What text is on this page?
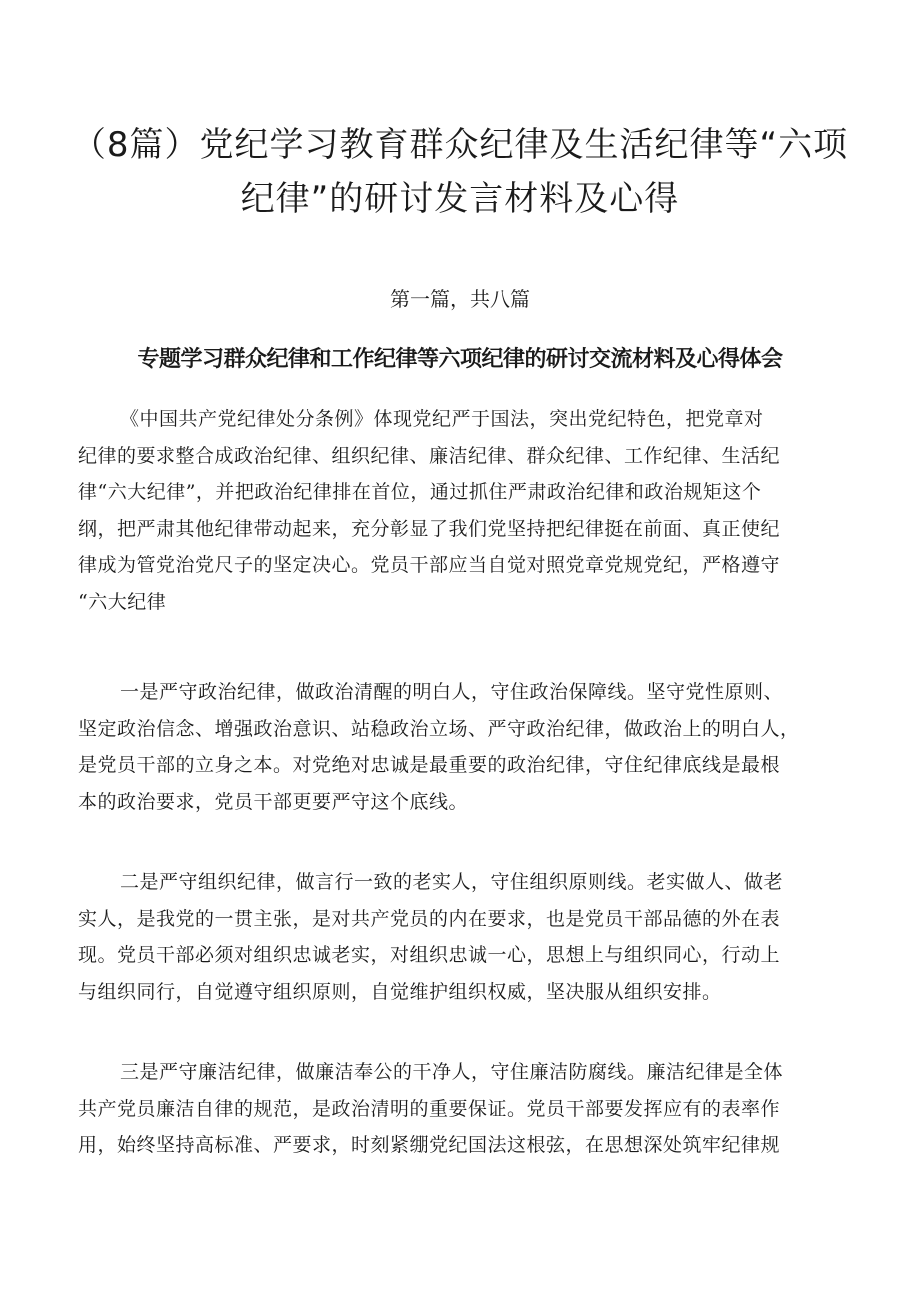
（8篇）党纪学习教育群众纪律及生活纪律等“六项
纪律”的研讨发言材料及心得
第一篇，共八篇
专题学习群众纪律和工作纪律等六项纪律的研讨交流材料及心得体会
《中国共产党纪律处分条例》体现党纪严于国法，突出党纪特色，把党章对
纪律的要求整合成政治纪律、组织纪律、廉洁纪律、群众纪律、工作纪律、生活纪
律“六大纪律”，并把政治纪律排在首位，通过抓住严肃政治纪律和政治规矩这个
纲，把严肃其他纪律带动起来，充分彰显了我们党坚持把纪律挺在前面、真正使纪
律成为管党治党尺子的坚定决心。党员干部应当自觉对照党章党规党纪，严格遵守
“六大纪律
一是严守政治纪律，做政治清醒的明白人，守住政治保障线。坚守党性原则、
坚定政治信念、增强政治意识、站稳政治立场、严守政治纪律，做政治上的明白人，
是党员干部的立身之本。对党绝对忠诚是最重要的政治纪律，守住纪律底线是最根
本的政治要求，党员干部更要严守这个底线。
二是严守组织纪律，做言行一致的老实人，守住组织原则线。老实做人、做老
实人，是我党的一贯主张，是对共产党员的内在要求，也是党员干部品德的外在表
现。党员干部必须对组织忠诚老实，对组织忠诚一心，思想上与组织同心，行动上
与组织同行，自觉遵守组织原则，自觉维护组织权威，坚决服从组织安排。
三是严守廉洁纪律，做廉洁奉公的干净人，守住廉洁防腐线。廉洁纪律是全体
共产党员廉洁自律的规范，是政治清明的重要保证。党员干部要发挥应有的表率作
用，始终坚持高标准、严要求，时刻紧绷党纪国法这根弦，在思想深处筑牢纪律规
